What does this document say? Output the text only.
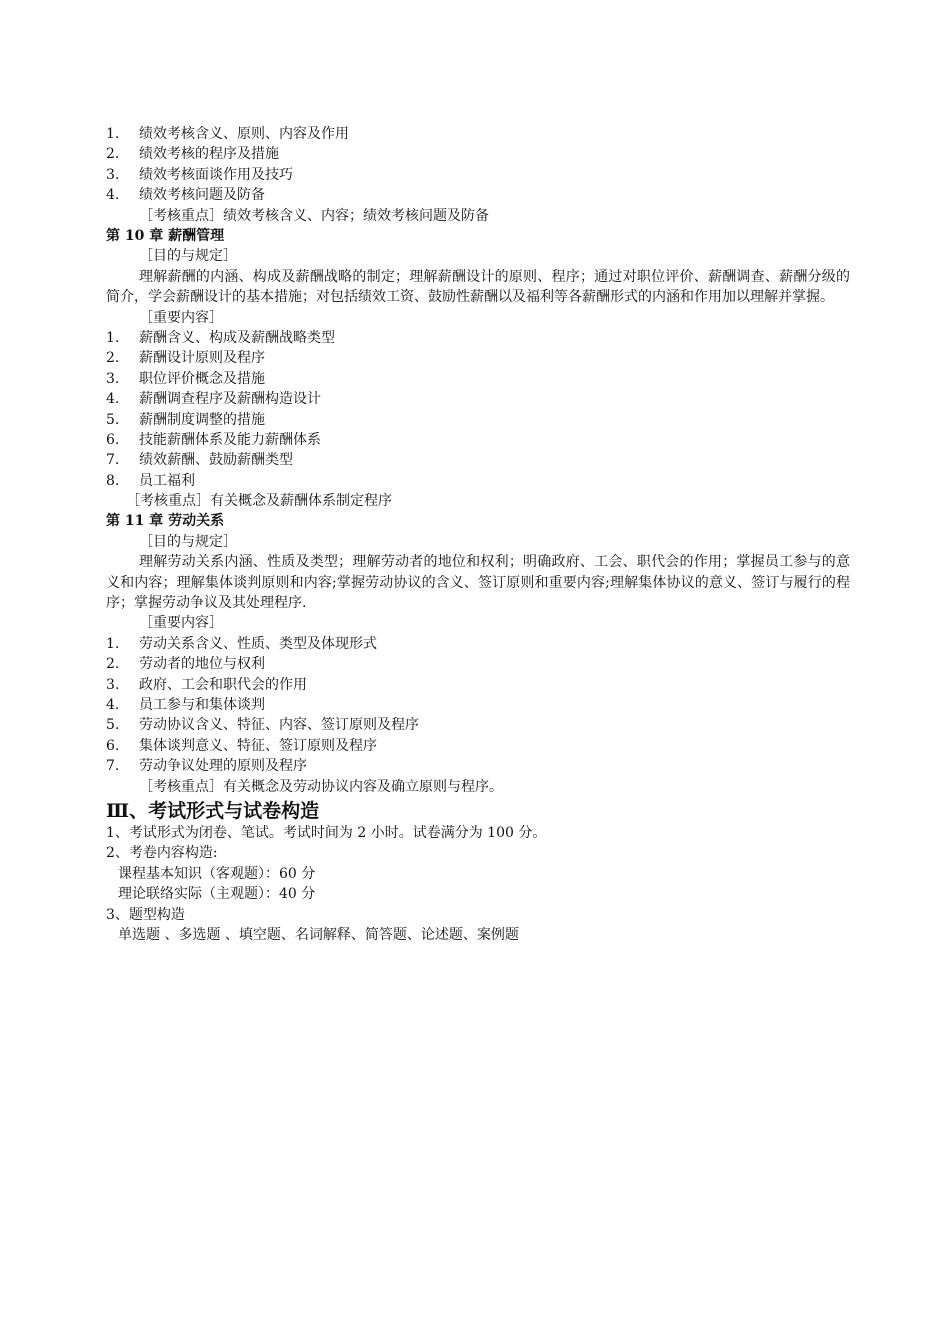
1.	绩效考核含义、原则、内容及作用
2.	绩效考核的程序及措施
3.	绩效考核面谈作用及技巧
4.	绩效考核问题及防备
［考核重点］绩效考核含义、内容；绩效考核问题及防备
第 10 章 薪酬管理
［目的与规定］
理解薪酬的内涵、构成及薪酬战略的制定；理解薪酬设计的原则、程序；通过对职位评价、薪酬调查、薪酬分级的简介，学会薪酬设计的基本措施；对包括绩效工资、鼓励性薪酬以及福利等各薪酬形式的内涵和作用加以理解并掌握。
［重要内容］
1.	薪酬含义、构成及薪酬战略类型
2.	薪酬设计原则及程序
3.	职位评价概念及措施
4.	薪酬调查程序及薪酬构造设计
5.	薪酬制度调整的措施
6.	技能薪酬体系及能力薪酬体系
7.	绩效薪酬、鼓励薪酬类型
8.	员工福利
［考核重点］有关概念及薪酬体系制定程序
第 11 章 劳动关系
［目的与规定］
理解劳动关系内涵、性质及类型；理解劳动者的地位和权利；明确政府、工会、职代会的作用；掌握员工参与的意义和内容；理解集体谈判原则和内容;掌握劳动协议的含义、签订原则和重要内容;理解集体协议的意义、签订与履行的程序；掌握劳动争议及其处理程序.
［重要内容］
1.	劳动关系含义、性质、类型及体现形式
2.	劳动者的地位与权利
3.	政府、工会和职代会的作用
4.	员工参与和集体谈判
5.	劳动协议含义、特征、内容、签订原则及程序
6.	集体谈判意义、特征、签订原则及程序
7.	劳动争议处理的原则及程序
［考核重点］有关概念及劳动协议内容及确立原则与程序。
Ⅲ、考试形式与试卷构造
1、考试形式为闭卷、笔试。考试时间为 2 小时。试卷满分为 100 分。
2、考卷内容构造:
课程基本知识（客观题）：60 分
理论联络实际（主观题）：40 分
3、题型构造
单选题 、多选题 、填空题、名词解释、简答题、论述题、案例题
